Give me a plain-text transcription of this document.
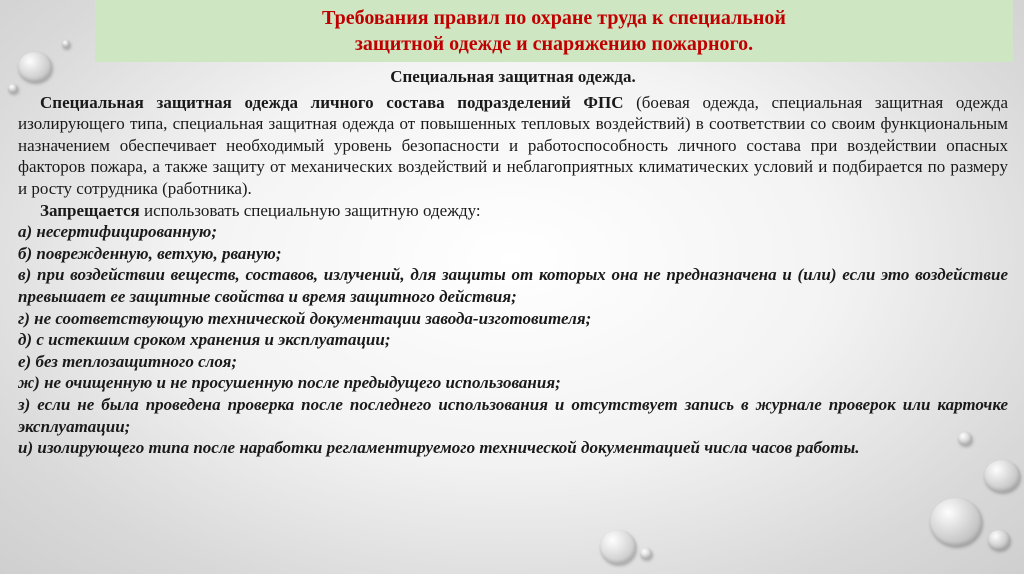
Требования правил по охране труда к специальной
защитной одежде и снаряжению пожарного.

Специальная защитная одежда.

Специальная защитная одежда личного состава подразделений ФПС (боевая одежда, специальная защитная одежда изолирующего типа, специальная защитная одежда от повышенных тепловых воздействий) в соответствии со своим функциональным назначением обеспечивает необходимый уровень безопасности и работоспособность личного состава при воздействии опасных факторов пожара, а также защиту от механических воздействий и неблагоприятных климатических условий и подбирается по размеру и росту сотрудника (работника).

Запрещается использовать специальную защитную одежду:

а) несертифицированную;

б) поврежденную, ветхую, рваную;

в) при воздействии веществ, составов, излучений, для защиты от которых она не предназначена и (или) если это воздействие превышает ее защитные свойства и время защитного действия;

г) не соответствующую технической документации завода-изготовителя;

д) с истекшим сроком хранения и эксплуатации;

е) без теплозащитного слоя;

ж) не очищенную и не просушенную после предыдущего использования;

з) если не была проведена проверка после последнего использования и отсутствует запись в журнале проверок или карточке эксплуатации;

и) изолирующего типа после наработки регламентируемого технической документацией числа часов работы.
